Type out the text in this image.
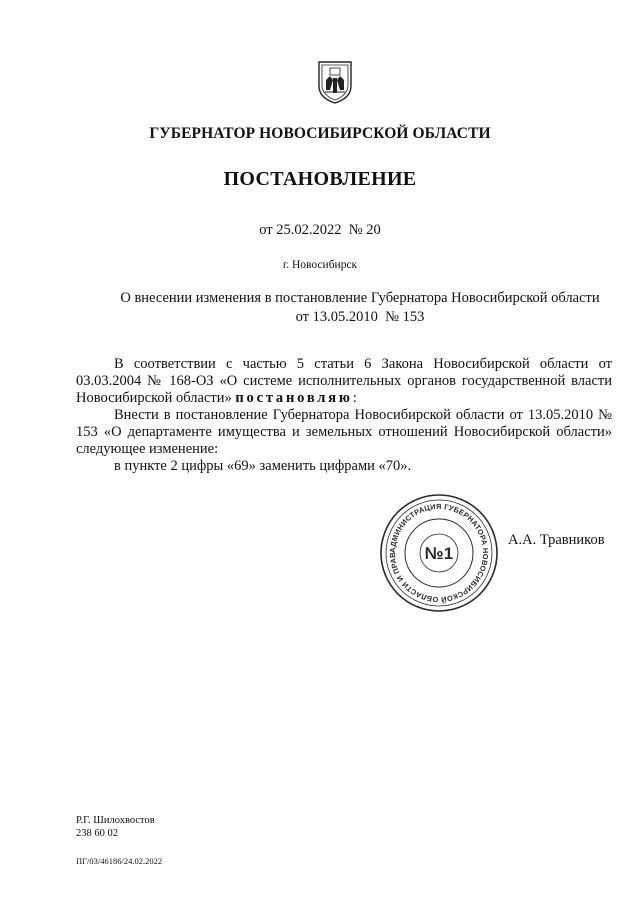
ГУБЕРНАТОР НОВОСИБИРСКОЙ ОБЛАСТИ
ПОСТАНОВЛЕНИЕ
от 25.02.2022  № 20
г. Новосибирск
О внесении изменения в постановление Губернатора Новосибирской области
от 13.05.2010  № 153

В соответствии с частью 5 статьи 6 Закона Новосибирской области от 03.03.2004 № 168-ОЗ «О системе исполнительных органов государственной власти Новосибирской области» постановляю:

Внести в постановление Губернатора Новосибирской области от 13.05.2010 № 153 «О департаменте имущества и земельных отношений Новосибирской области» следующее изменение:

в пункте 2 цифры «69» заменить цифрами «70».

АДМИНИСТРАЦИЯ ГУБЕРНАТОРА НОВОСИБИРСКОЙ ОБЛАСТИ И ПРАВ	№1
А.А. Травников
Р.Г. Шилохвостов
238 60 02
ПГ/03/46186/24.02.2022
